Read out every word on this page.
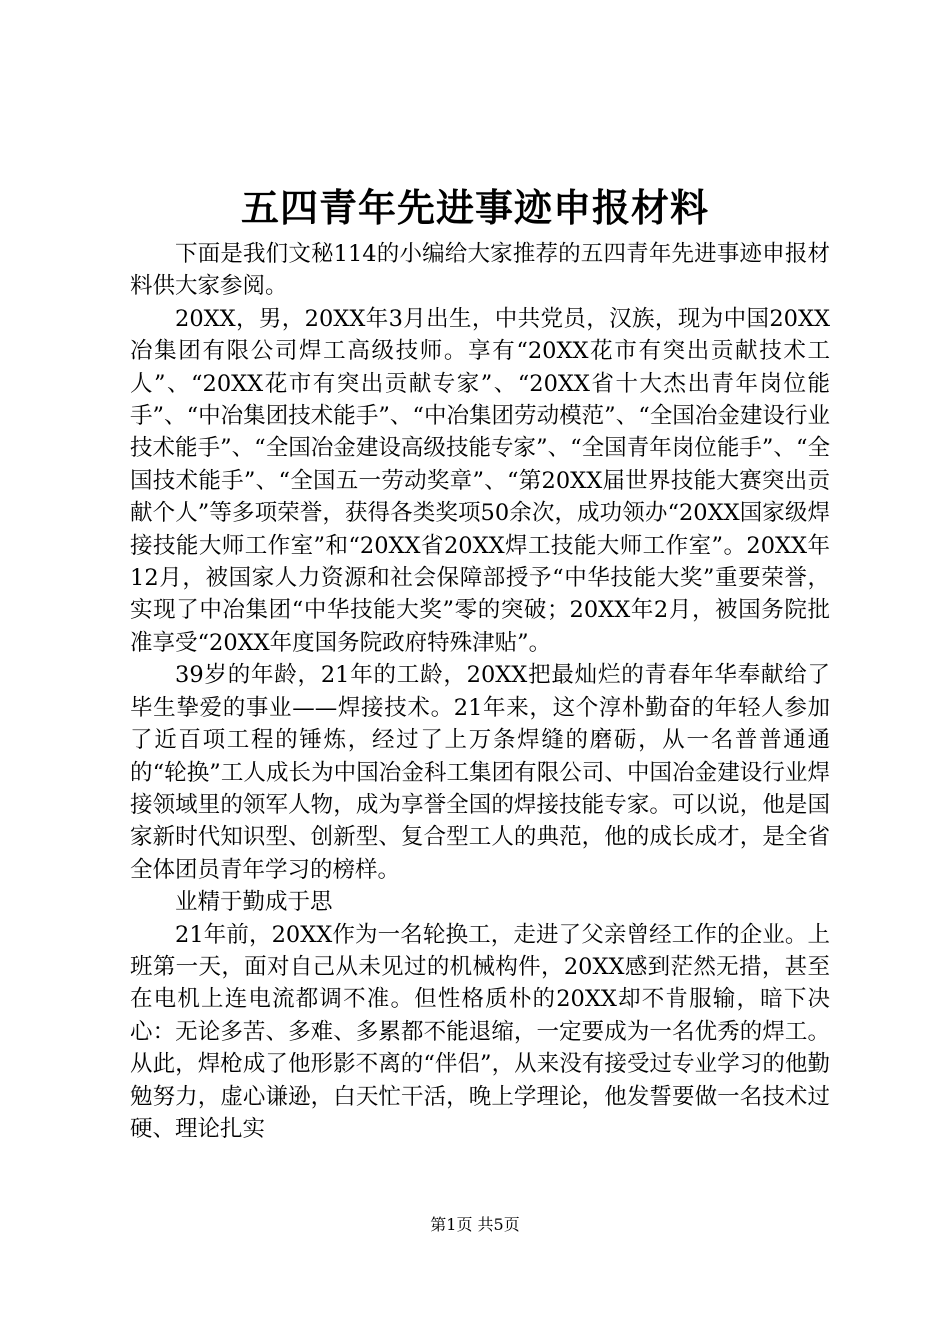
五四青年先进事迹申报材料

下面是我们文秘114的小编给大家推荐的五四青年先进事迹申报材料供大家参阅。

20XX，男，20XX年3月出生，中共党员，汉族，现为中国20XX冶集团有限公司焊工高级技师。享有“20XX花市有突出贡献技术工人”、“20XX花市有突出贡献专家”、“20XX省十大杰出青年岗位能手”、“中冶集团技术能手”、“中冶集团劳动模范”、“全国冶金建设行业技术能手”、“全国冶金建设高级技能专家”、“全国青年岗位能手”、“全国技术能手”、“全国五一劳动奖章”、“第20XX届世界技能大赛突出贡献个人”等多项荣誉，获得各类奖项50余次，成功领办“20XX国家级焊接技能大师工作室”和“20XX省20XX焊工技能大师工作室”。20XX年12月，被国家人力资源和社会保障部授予“中华技能大奖”重要荣誉，实现了中冶集团“中华技能大奖”零的突破；20XX年2月，被国务院批准享受“20XX年度国务院政府特殊津贴”。

39岁的年龄，21年的工龄，20XX把最灿烂的青春年华奉献给了毕生挚爱的事业——焊接技术。21年来，这个淳朴勤奋的年轻人参加了近百项工程的锤炼，经过了上万条焊缝的磨砺，从一名普普通通的“轮换”工人成长为中国冶金科工集团有限公司、中国冶金建设行业焊接领域里的领军人物，成为享誉全国的焊接技能专家。可以说，他是国家新时代知识型、创新型、复合型工人的典范，他的成长成才，是全省全体团员青年学习的榜样。

业精于勤成于思

21年前，20XX作为一名轮换工，走进了父亲曾经工作的企业。上班第一天，面对自己从未见过的机械构件，20XX感到茫然无措，甚至在电机上连电流都调不准。但性格质朴的20XX却不肯服输，暗下决心：无论多苦、多难、多累都不能退缩，一定要成为一名优秀的焊工。从此，焊枪成了他形影不离的“伴侣”，从来没有接受过专业学习的他勤勉努力，虚心谦逊，白天忙干活，晚上学理论，他发誓要做一名技术过硬、理论扎实

第1页 共5页
